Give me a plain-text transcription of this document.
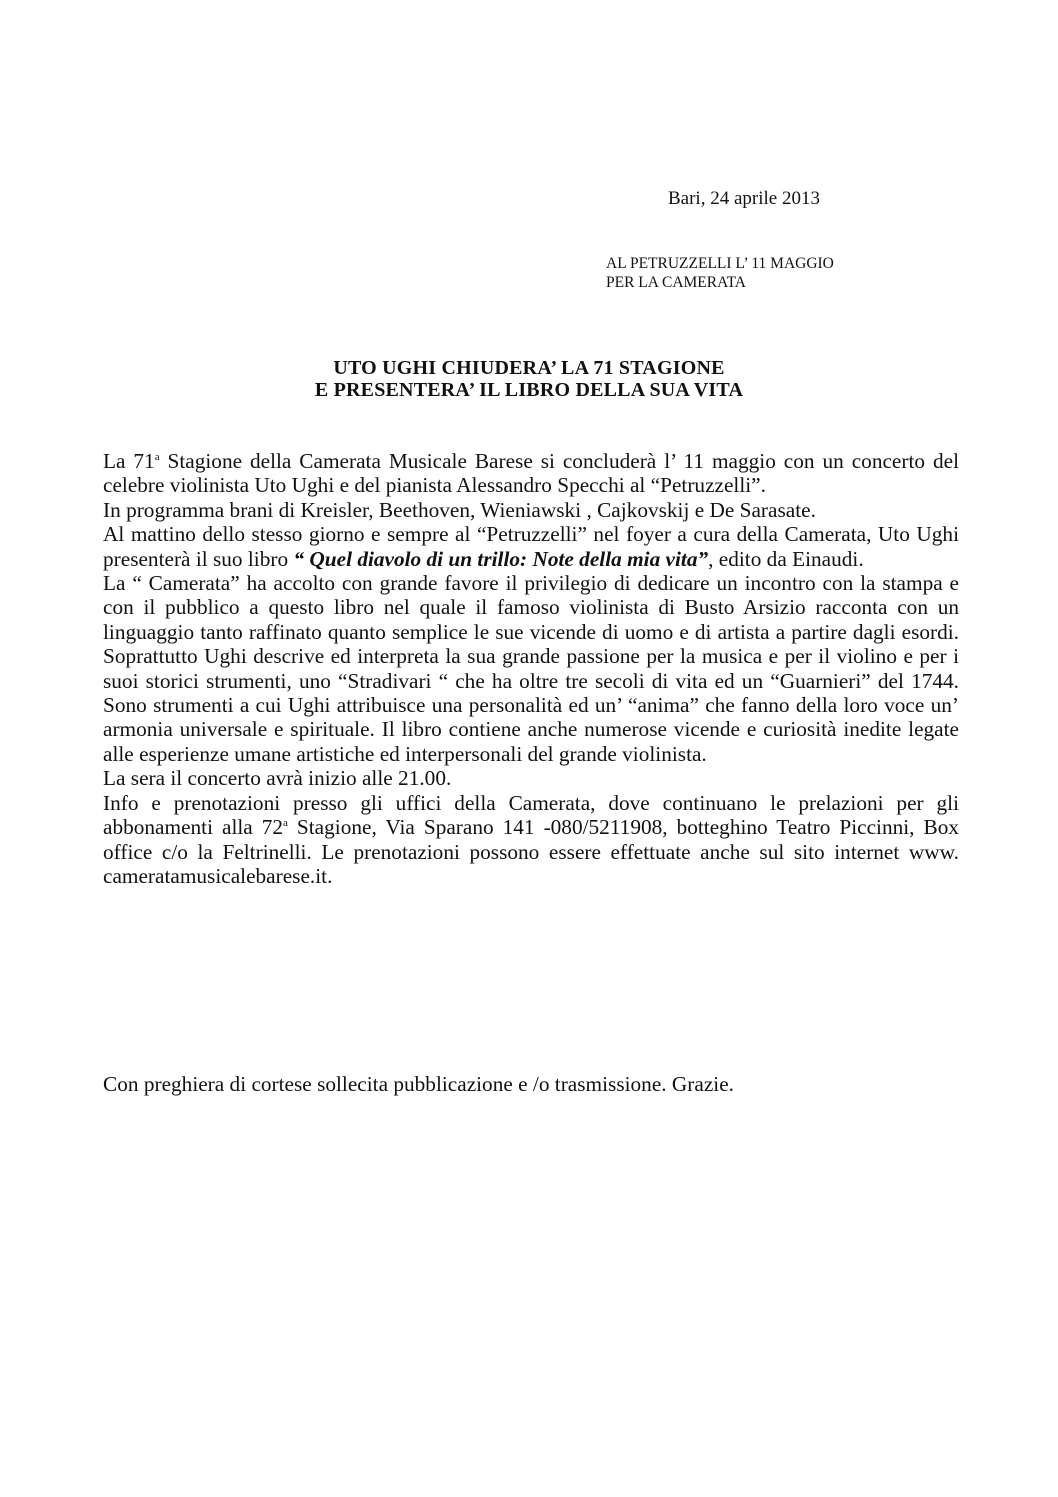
Bari, 24 aprile 2013
AL PETRUZZELLI L’ 11 MAGGIO
PER LA CAMERATA
UTO UGHI CHIUDERA’ LA 71 STAGIONE
E PRESENTERA’ IL LIBRO DELLA SUA VITA

La 71$^a$ Stagione della Camerata Musicale Barese si concluderà l’ 11 maggio con un concerto del celebre violinista Uto Ughi e del pianista Alessandro Specchi al “Petruzzelli”.

In programma brani di Kreisler, Beethoven, Wieniawski , Cajkovskij e De Sarasate.

Al mattino dello stesso giorno e sempre al “Petruzzelli” nel foyer a cura della Camerata, Uto Ughi presenterà il suo libro “ Quel diavolo di un trillo: Note della mia vita”, edito da Einaudi.

La “ Camerata” ha accolto con grande favore il privilegio di dedicare un incontro con la stampa e con il pubblico a questo libro nel quale il famoso violinista di Busto Arsizio racconta con un linguaggio tanto raffinato quanto semplice le sue vicende di uomo e di artista a partire dagli esordi. Soprattutto Ughi descrive ed interpreta la sua grande passione per la musica e per il violino e per i suoi storici strumenti, uno “Stradivari “ che ha oltre tre secoli di vita ed un “Guarnieri” del 1744. Sono strumenti a cui Ughi attribuisce una personalità ed un’ “anima” che fanno della loro voce un’ armonia universale e spirituale. Il libro contiene anche numerose vicende e curiosità inedite legate alle esperienze umane artistiche ed interpersonali del grande violinista.

La sera il concerto avrà inizio alle 21.00.

Info e prenotazioni presso gli uffici della Camerata, dove continuano le prelazioni per gli abbonamenti alla 72$^a$ Stagione, Via Sparano 141 -080/5211908, botteghino Teatro Piccinni, Box office c/o la Feltrinelli. Le prenotazioni possono essere effettuate anche sul sito internet www. cameratamusicalebarese.it.

Con preghiera di cortese sollecita pubblicazione e /o trasmissione. Grazie.
